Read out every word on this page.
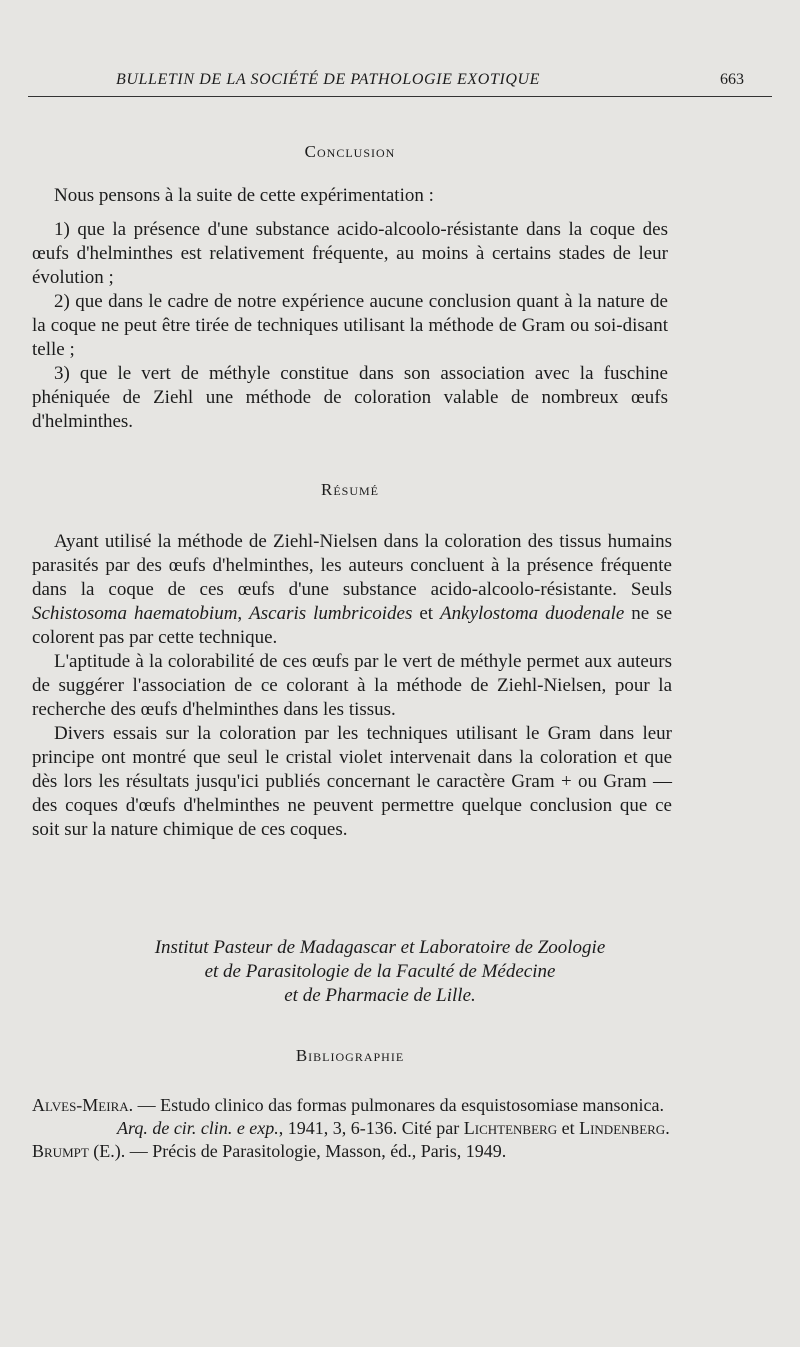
BULLETIN DE LA SOCIÉTÉ DE PATHOLOGIE EXOTIQUE	663
Conclusion

Nous pensons à la suite de cette expérimentation :

1) que la présence d'une substance acido-alcoolo-résistante dans la coque des œufs d'helminthes est relativement fréquente, au moins à certains stades de leur évolution ;

2) que dans le cadre de notre expérience aucune conclusion quant à la nature de la coque ne peut être tirée de techniques utilisant la méthode de Gram ou soi-disant telle ;

3) que le vert de méthyle constitue dans son association avec la fuschine phéniquée de Ziehl une méthode de coloration valable de nombreux œufs d'helminthes.

Résumé

Ayant utilisé la méthode de Ziehl-Nielsen dans la coloration des tissus humains parasités par des œufs d'helminthes, les auteurs concluent à la présence fréquente dans la coque de ces œufs d'une substance acido-alcoolo-résistante. Seuls Schistosoma haematobium, Ascaris lumbricoides et Ankylostoma duodenale ne se colorent pas par cette technique.

L'aptitude à la colorabilité de ces œufs par le vert de méthyle permet aux auteurs de suggérer l'association de ce colorant à la méthode de Ziehl-Nielsen, pour la recherche des œufs d'helminthes dans les tissus.

Divers essais sur la coloration par les techniques utilisant le Gram dans leur principe ont montré que seul le cristal violet intervenait dans la coloration et que dès lors les résultats jusqu'ici publiés concernant le caractère Gram + ou Gram — des coques d'œufs d'helminthes ne peuvent permettre quelque conclusion que ce soit sur la nature chimique de ces coques.

Institut Pasteur de Madagascar et Laboratoire de Zoologie
et de Parasitologie de la Faculté de Médecine
et de Pharmacie de Lille.
Bibliographie

Alves-Meira. — Estudo clinico das formas pulmonares da esquistosomiase mansonica. Arq. de cir. clin. e exp., 1941, 3, 6-136. Cité par Lichtenberg et Lindenberg.

Brumpt (E.). — Précis de Parasitologie, Masson, éd., Paris, 1949.
